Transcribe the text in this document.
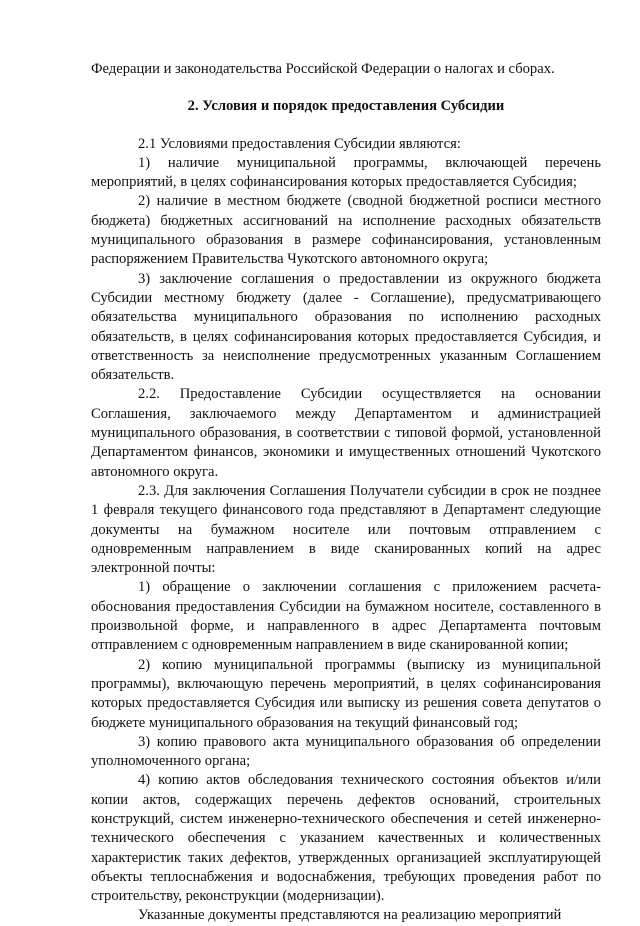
Федерации и законодательства Российской Федерации о налогах и сборах.

2. Условия и порядок предоставления Субсидии

2.1 Условиями предоставления Субсидии являются:

1) наличие муниципальной программы, включающей перечень мероприятий, в целях софинансирования которых предоставляется Субсидия;

2) наличие в местном бюджете (сводной бюджетной росписи местного бюджета) бюджетных ассигнований на исполнение расходных обязательств муниципального образования в размере софинансирования, установленным распоряжением Правительства Чукотского автономного округа;

3) заключение соглашения о предоставлении из окружного бюджета Субсидии местному бюджету (далее - Соглашение), предусматривающего обязательства муниципального образования по исполнению расходных обязательств, в целях софинансирования которых предоставляется Субсидия, и ответственность за неисполнение предусмотренных указанным Соглашением обязательств.

2.2. Предоставление Субсидии осуществляется на основании Соглашения, заключаемого между Департаментом и администрацией муниципального образования, в соответствии с типовой формой, установленной Департаментом финансов, экономики и имущественных отношений Чукотского автономного округа.

2.3. Для заключения Соглашения Получатели субсидии в срок не позднее 1 февраля текущего финансового года представляют в Департамент следующие документы на бумажном носителе или почтовым отправлением с одновременным направлением в виде сканированных копий на адрес электронной почты:

1) обращение о заключении соглашения с приложением расчета-обоснования предоставления Субсидии на бумажном носителе, составленного в произвольной форме, и направленного в адрес Департамента почтовым отправлением с одновременным направлением в виде сканированной копии;

2) копию муниципальной программы (выписку из муниципальной программы), включающую перечень мероприятий, в целях софинансирования которых предоставляется Субсидия или выписку из решения совета депутатов о бюджете муниципального образования на текущий финансовый год;

3) копию правового акта муниципального образования об определении уполномоченного органа;

4) копию актов обследования технического состояния объектов и/или копии актов, содержащих перечень дефектов оснований, строительных конструкций, систем инженерно-технического обеспечения и сетей инженерно-технического обеспечения с указанием качественных и количественных характеристик таких дефектов, утвержденных организацией эксплуатирующей объекты теплоснабжения и водоснабжения, требующих проведения работ по строительству, реконструкции (модернизации).

Указанные документы представляются на реализацию мероприятий
